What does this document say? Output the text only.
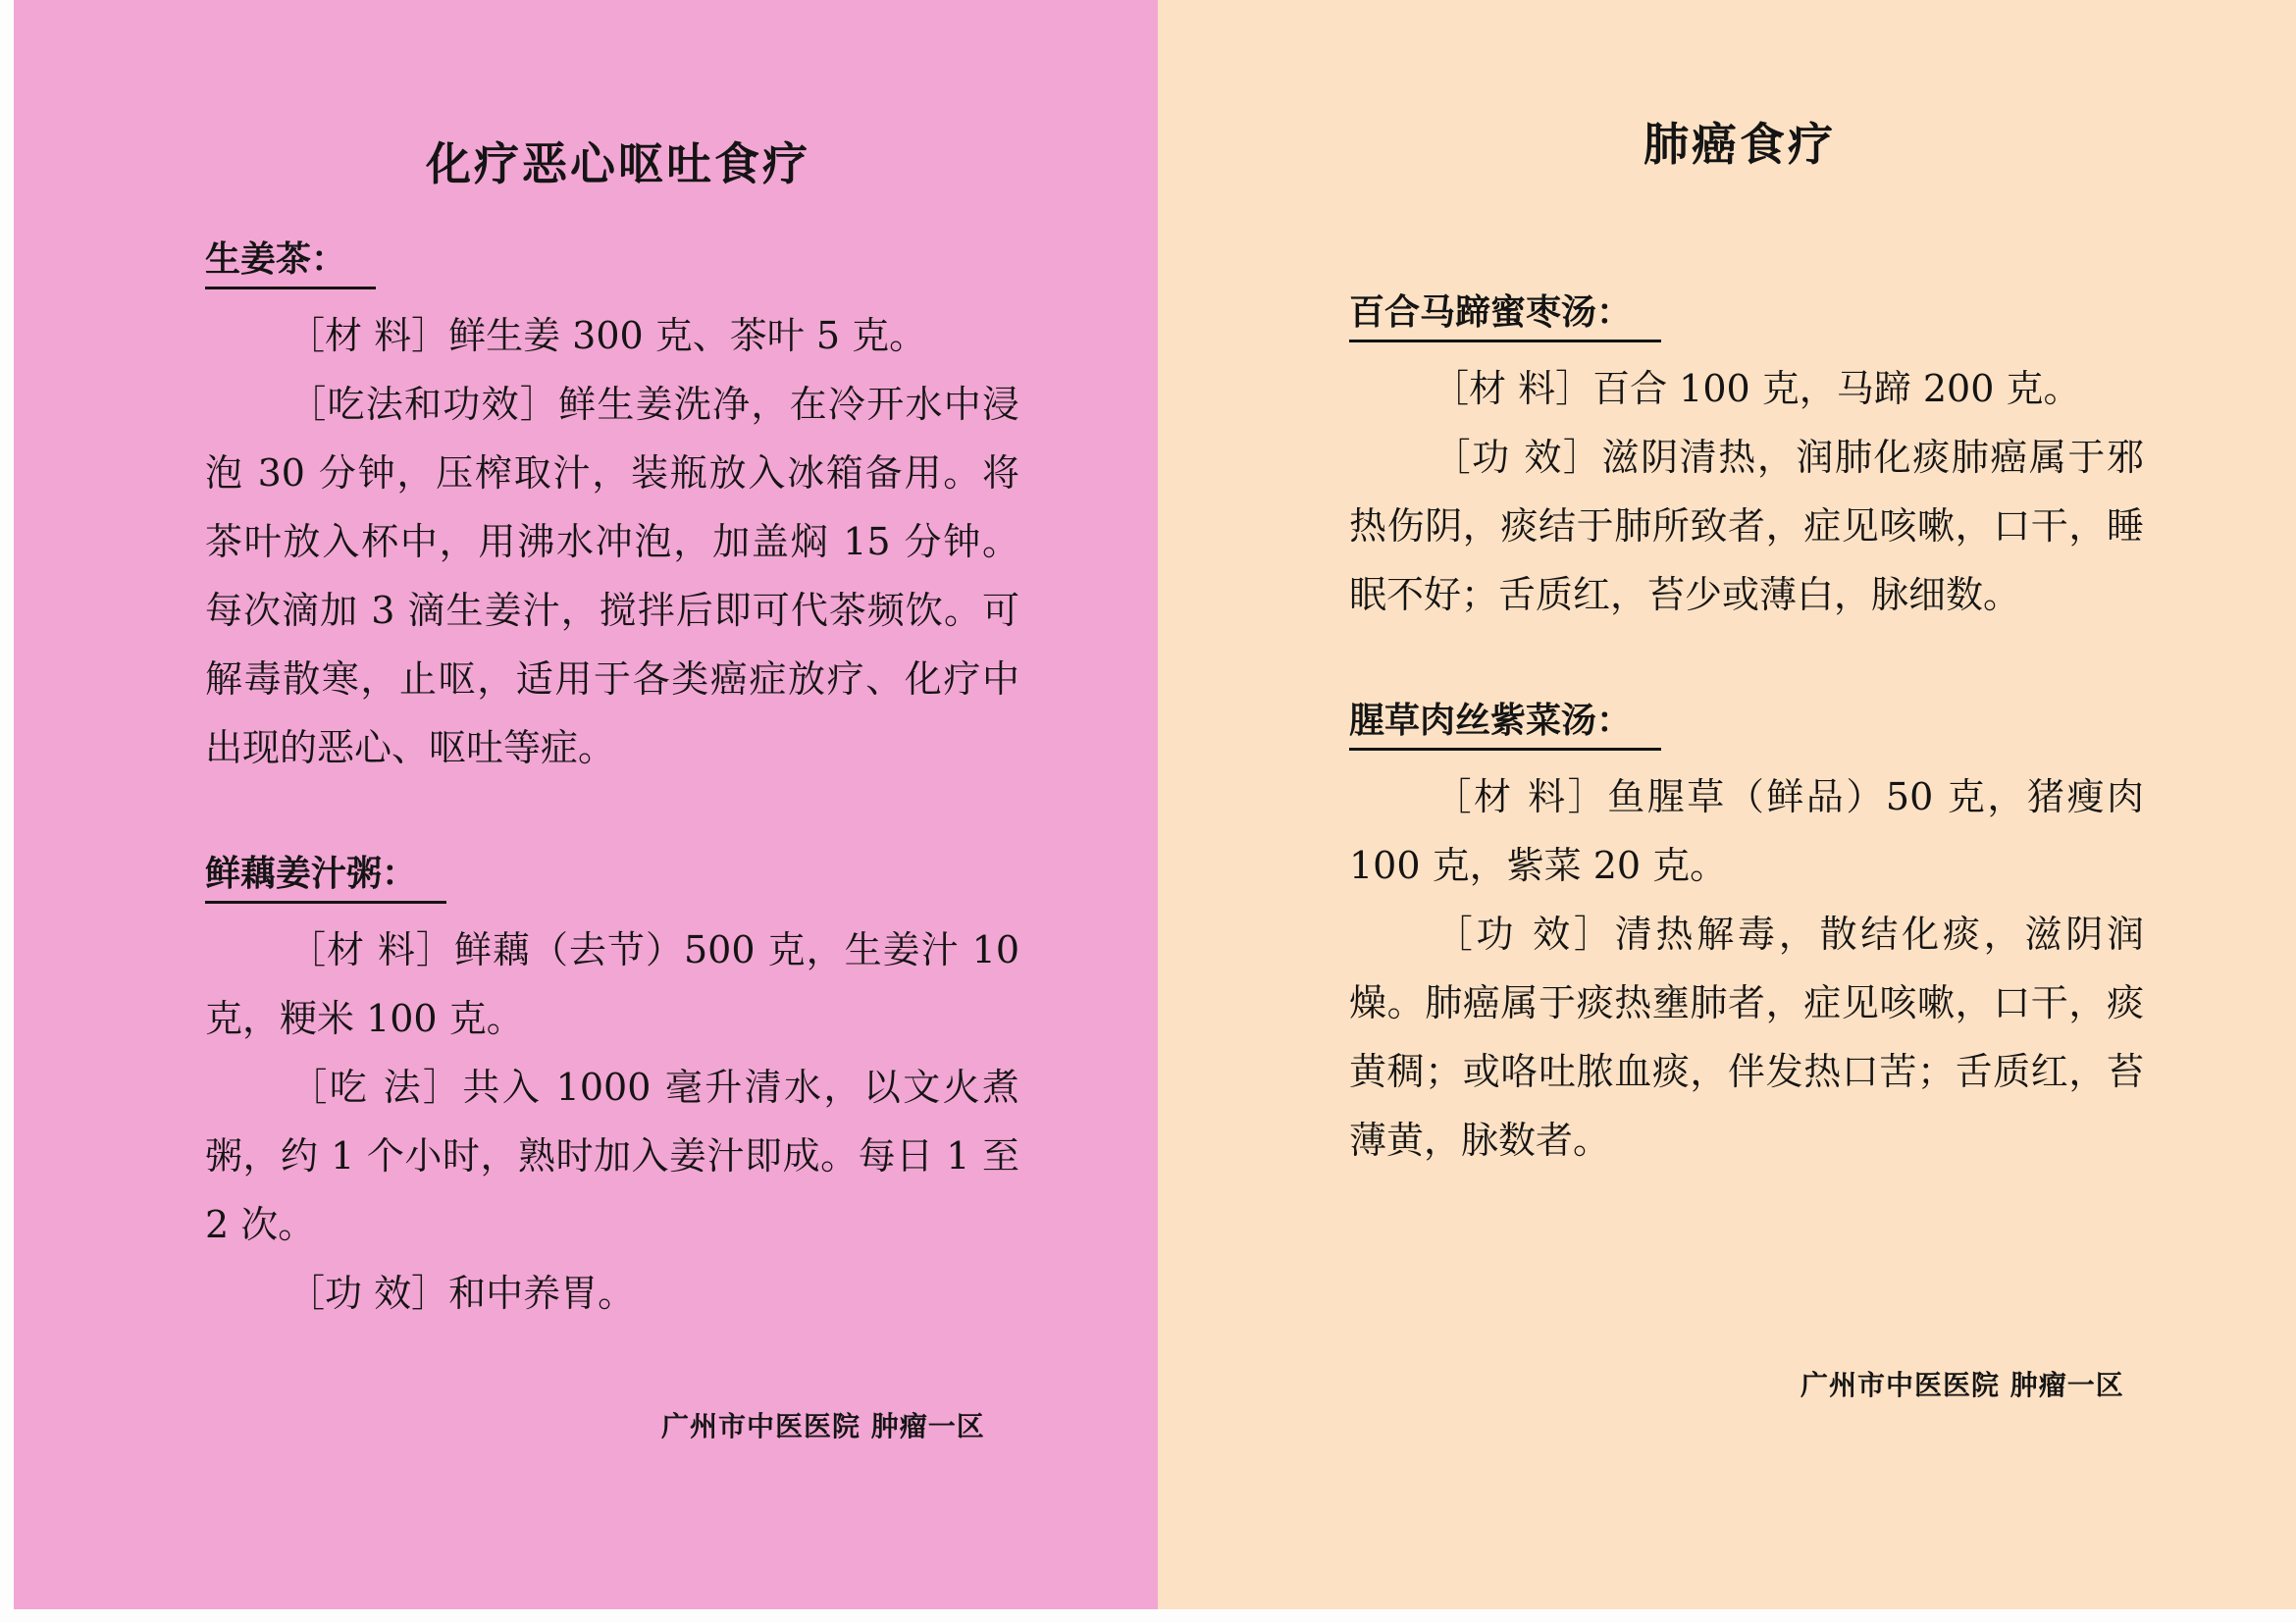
化疗恶心呕吐食疗
生姜茶：

［材 料］鲜生姜 300 克、茶叶 5 克。

［吃法和功效］鲜生姜洗净，在冷开水中浸泡 30 分钟，压榨取汁，装瓶放入冰箱备用。将茶叶放入杯中，用沸水冲泡，加盖焖 15 分钟。每次滴加 3 滴生姜汁，搅拌后即可代茶频饮。可解毒散寒，止呕，适用于各类癌症放疗、化疗中出现的恶心、呕吐等症。

鲜藕姜汁粥：

［材 料］鲜藕（去节）500 克，生姜汁 10 克，粳米 100 克。

［吃 法］共入 1000 毫升清水，以文火煮粥，约 1 个小时，熟时加入姜汁即成。每日 1 至 2 次。

［功 效］和中养胃。

广州市中医医院 肿瘤一区
肺癌食疗
百合马蹄蜜枣汤：

［材 料］百合 100 克，马蹄 200 克。

［功 效］滋阴清热，润肺化痰肺癌属于邪热伤阴，痰结于肺所致者，症见咳嗽，口干，睡眠不好；舌质红，苔少或薄白，脉细数。

腥草肉丝紫菜汤：

［材 料］鱼腥草（鲜品）50 克，猪瘦肉 100 克，紫菜 20 克。

［功 效］清热解毒，散结化痰，滋阴润燥。肺癌属于痰热壅肺者，症见咳嗽，口干，痰黄稠；或咯吐脓血痰，伴发热口苦；舌质红，苔薄黄，脉数者。

广州市中医医院 肿瘤一区
